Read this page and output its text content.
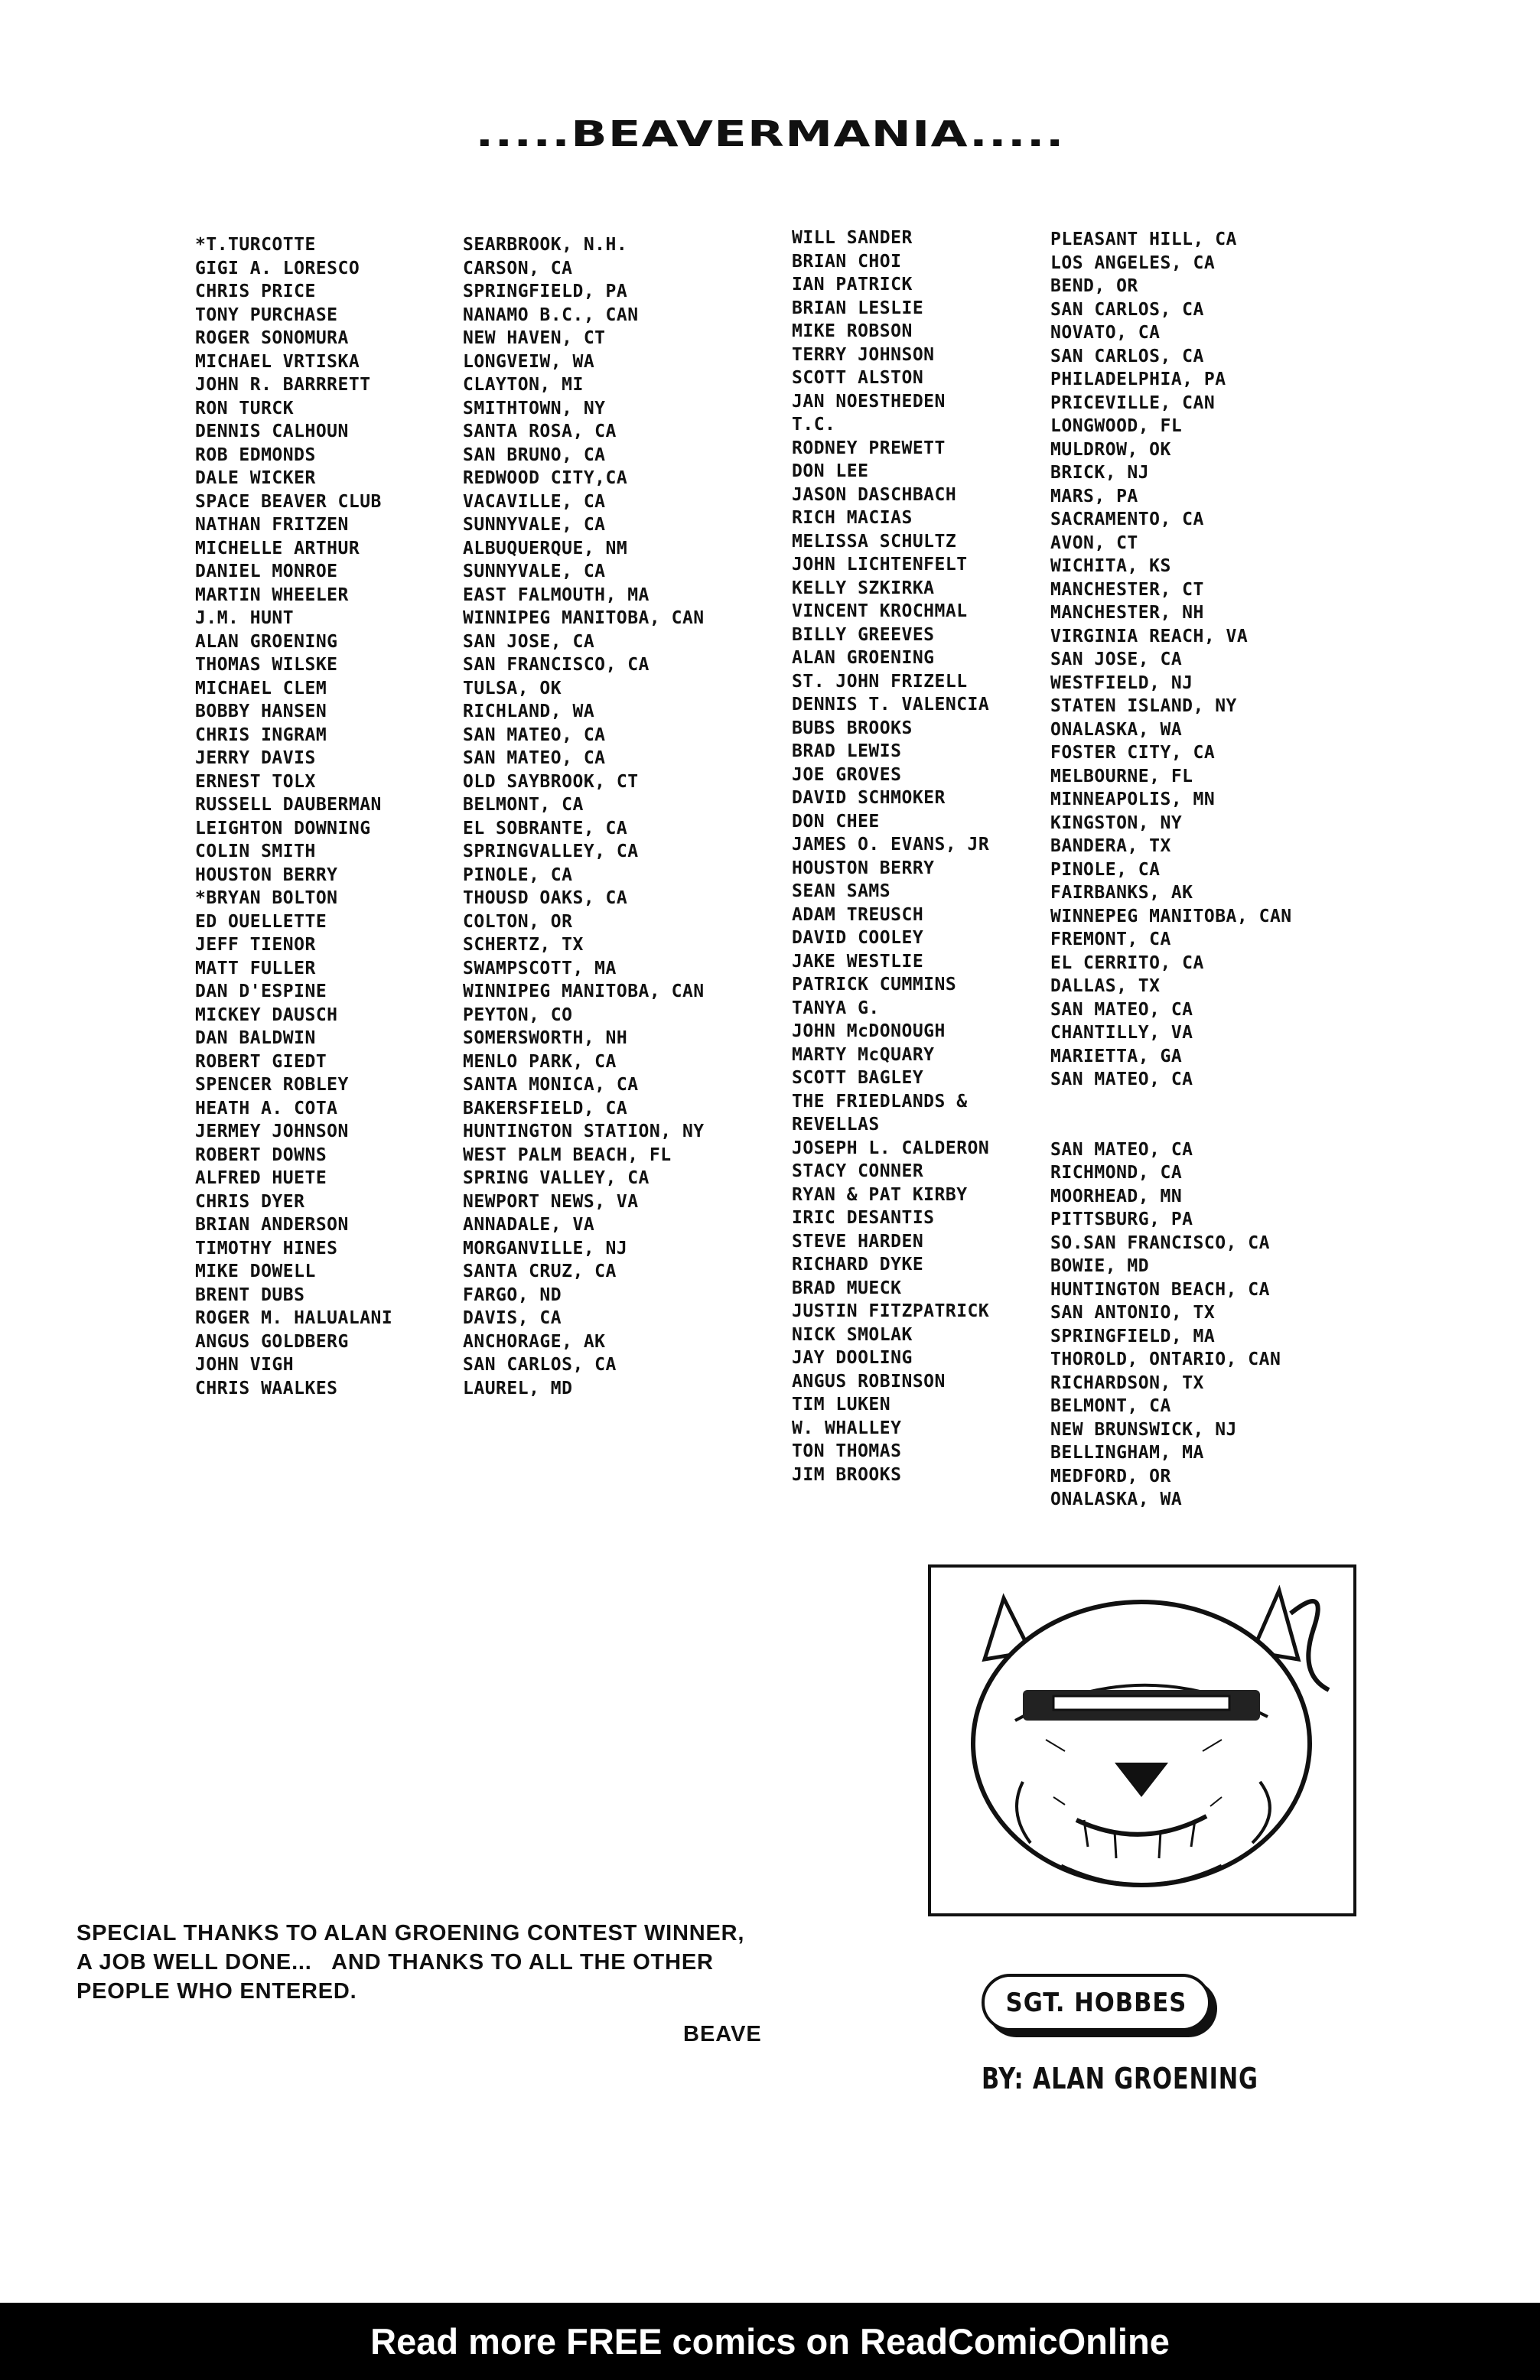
.....BEAVERMANIA.....
*T.TURCOTTE
GIGI A. LORESCO
CHRIS PRICE
TONY PURCHASE
ROGER SONOMURA
MICHAEL VRTISKA
JOHN R. BARRRETT
RON TURCK
DENNIS CALHOUN
ROB EDMONDS
DALE WICKER
SPACE BEAVER CLUB
NATHAN FRITZEN
MICHELLE ARTHUR
DANIEL MONROE
MARTIN WHEELER
J.M. HUNT
ALAN GROENING
THOMAS WILSKE
MICHAEL CLEM
BOBBY HANSEN
CHRIS INGRAM
JERRY DAVIS
ERNEST TOLX
RUSSELL DAUBERMAN
LEIGHTON DOWNING
COLIN SMITH
HOUSTON BERRY
*BRYAN BOLTON
ED OUELLETTE
JEFF TIENOR
MATT FULLER
DAN D'ESPINE
MICKEY DAUSCH
DAN BALDWIN
ROBERT GIEDT
SPENCER ROBLEY
HEATH A. COTA
JERMEY JOHNSON
ROBERT DOWNS
ALFRED HUETE
CHRIS DYER
BRIAN ANDERSON
TIMOTHY HINES
MIKE DOWELL
BRENT DUBS
ROGER M. HALUALANI
ANGUS GOLDBERG
JOHN VIGH
CHRIS WAALKES
SEARBROOK, N.H.
CARSON, CA
SPRINGFIELD, PA
NANAMO B.C., CAN
NEW HAVEN, CT
LONGVEIW, WA
CLAYTON, MI
SMITHTOWN, NY
SANTA ROSA, CA
SAN BRUNO, CA
REDWOOD CITY,CA
VACAVILLE, CA
SUNNYVALE, CA
ALBUQUERQUE, NM
SUNNYVALE, CA
EAST FALMOUTH, MA
WINNIPEG MANITOBA, CAN
SAN JOSE, CA
SAN FRANCISCO, CA
TULSA, OK
RICHLAND, WA
SAN MATEO, CA
SAN MATEO, CA
OLD SAYBROOK, CT
BELMONT, CA
EL SOBRANTE, CA
SPRINGVALLEY, CA
PINOLE, CA
THOUSD OAKS, CA
COLTON, OR
SCHERTZ, TX
SWAMPSCOTT, MA
WINNIPEG MANITOBA, CAN
PEYTON, CO
SOMERSWORTH, NH
MENLO PARK, CA
SANTA MONICA, CA
BAKERSFIELD, CA
HUNTINGTON STATION, NY
WEST PALM BEACH, FL
SPRING VALLEY, CA
NEWPORT NEWS, VA
ANNADALE, VA
MORGANVILLE, NJ
SANTA CRUZ, CA
FARGO, ND
DAVIS, CA
ANCHORAGE, AK
SAN CARLOS, CA
LAUREL, MD
WILL SANDER
BRIAN CHOI
IAN PATRICK
BRIAN LESLIE
MIKE ROBSON
TERRY JOHNSON
SCOTT ALSTON
JAN NOESTHEDEN
T.C.
RODNEY PREWETT
DON LEE
JASON DASCHBACH
RICH MACIAS
MELISSA SCHULTZ
JOHN LICHTENFELT
KELLY SZKIRKA
VINCENT KROCHMAL
BILLY GREEVES
ALAN GROENING
ST. JOHN FRIZELL
DENNIS T. VALENCIA
BUBS BROOKS
BRAD LEWIS
JOE GROVES
DAVID SCHMOKER
DON CHEE
JAMES O. EVANS, JR
HOUSTON BERRY
SEAN SAMS
ADAM TREUSCH
DAVID COOLEY
JAKE WESTLIE
PATRICK CUMMINS
TANYA G.
JOHN McDONOUGH
MARTY McQUARY
SCOTT BAGLEY
THE FRIEDLANDS &
REVELLAS
JOSEPH L. CALDERON
STACY CONNER
RYAN & PAT KIRBY
IRIC DESANTIS
STEVE HARDEN
RICHARD DYKE
BRAD MUECK
JUSTIN FITZPATRICK
NICK SMOLAK
JAY DOOLING
ANGUS ROBINSON
TIM LUKEN
W. WHALLEY
TON THOMAS
JIM BROOKS
PLEASANT HILL, CA
LOS ANGELES, CA
BEND, OR
SAN CARLOS, CA
NOVATO, CA
SAN CARLOS, CA
PHILADELPHIA, PA
PRICEVILLE, CAN
LONGWOOD, FL
MULDROW, OK
BRICK, NJ
MARS, PA
SACRAMENTO, CA
AVON, CT
WICHITA, KS
MANCHESTER, CT
MANCHESTER, NH
VIRGINIA REACH, VA
SAN JOSE, CA
WESTFIELD, NJ
STATEN ISLAND, NY
ONALASKA, WA
FOSTER CITY, CA
MELBOURNE, FL
MINNEAPOLIS, MN
KINGSTON, NY
BANDERA, TX
PINOLE, CA
FAIRBANKS, AK
WINNEPEG MANITOBA, CAN
FREMONT, CA
EL CERRITO, CA
DALLAS, TX
SAN MATEO, CA
CHANTILLY, VA
MARIETTA, GA
SAN MATEO, CA
SAN MATEO, CA
RICHMOND, CA
MOORHEAD, MN
PITTSBURG, PA
SO.SAN FRANCISCO, CA
BOWIE, MD
HUNTINGTON BEACH, CA
SAN ANTONIO, TX
SPRINGFIELD, MA
THOROLD, ONTARIO, CAN
RICHARDSON, TX
BELMONT, CA
NEW BRUNSWICK, NJ
BELLINGHAM, MA
MEDFORD, OR
ONALASKA, WA
SGT. HOBBES
BY: ALAN GROENING

SPECIAL THANKS TO ALAN GROENING CONTEST WINNER,

A JOB WELL DONE...   AND THANKS TO ALL THE OTHER

PEOPLE WHO ENTERED.

BEAVE
Read more FREE comics on ReadComicOnline
